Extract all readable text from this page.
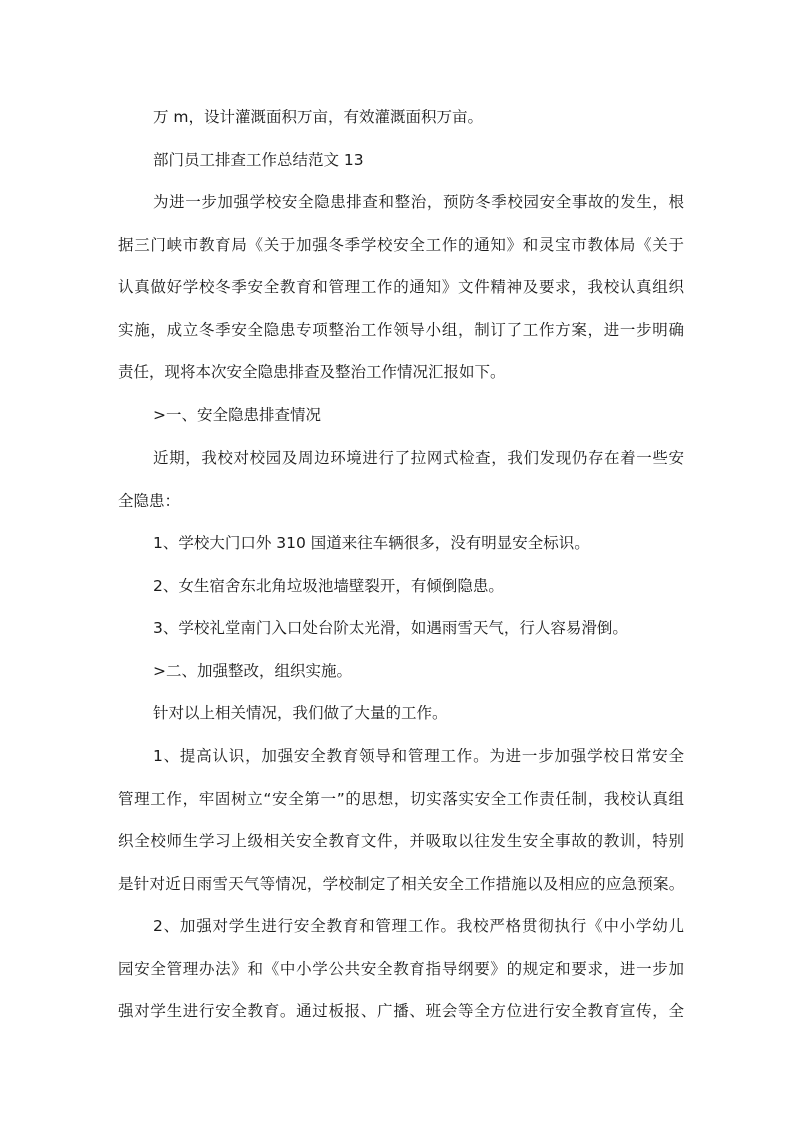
万 m，设计灌溉面积万亩，有效灌溉面积万亩。

部门员工排查工作总结范文 13

为进一步加强学校安全隐患排查和整治，预防冬季校园安全事故的发生，根
据三门峡市教育局《关于加强冬季学校安全工作的通知》和灵宝市教体局《关于
认真做好学校冬季安全教育和管理工作的通知》文件精神及要求，我校认真组织
实施，成立冬季安全隐患专项整治工作领导小组，制订了工作方案，进一步明确
责任，现将本次安全隐患排查及整治工作情况汇报如下。

>一、安全隐患排查情况

近期，我校对校园及周边环境进行了拉网式检查，我们发现仍存在着一些安
全隐患：

1、学校大门口外 310 国道来往车辆很多，没有明显安全标识。

2、女生宿舍东北角垃圾池墙壁裂开，有倾倒隐患。

3、学校礼堂南门入口处台阶太光滑，如遇雨雪天气，行人容易滑倒。

>二、加强整改，组织实施。

针对以上相关情况，我们做了大量的工作。

1、提高认识，加强安全教育领导和管理工作。为进一步加强学校日常安全
管理工作，牢固树立“安全第一”的思想，切实落实安全工作责任制，我校认真组
织全校师生学习上级相关安全教育文件，并吸取以往发生安全事故的教训，特别
是针对近日雨雪天气等情况，学校制定了相关安全工作措施以及相应的应急预案。

2、加强对学生进行安全教育和管理工作。我校严格贯彻执行《中小学幼儿
园安全管理办法》和《中小学公共安全教育指导纲要》的规定和要求，进一步加
强对学生进行安全教育。通过板报、广播、班会等全方位进行安全教育宣传，全
